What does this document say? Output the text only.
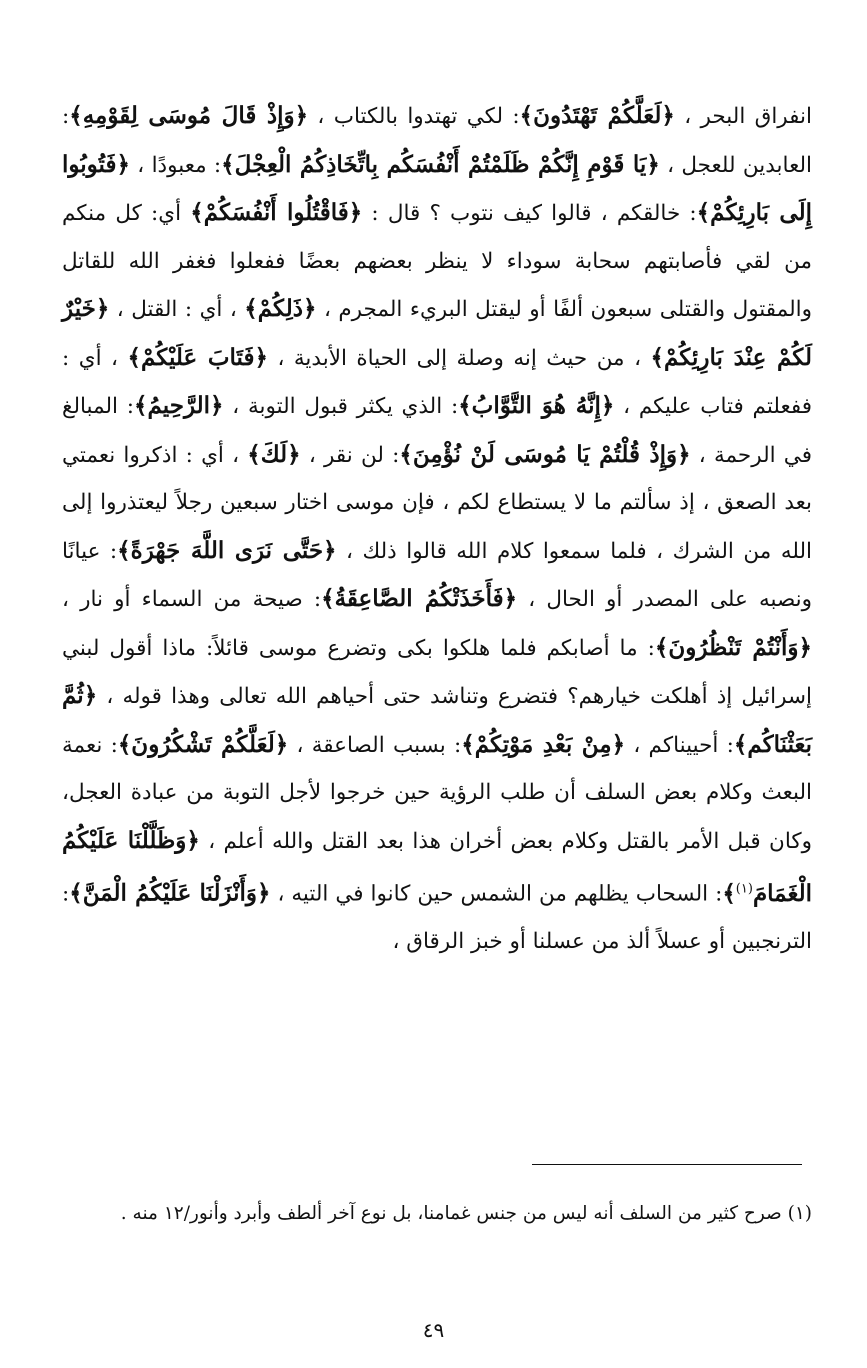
انفراق البحر ، ﴿لَعَلَّكُمْ تَهْتَدُونَ﴾: لكي تهتدوا بالكتاب ، ﴿وَإِذْ قَالَ مُوسَى لِقَوْمِهِ﴾: العابدين للعجل ، ﴿يَا قَوْمِ إِنَّكُمْ ظَلَمْتُمْ أَنْفُسَكُم بِاتِّخَاذِكُمُ الْعِجْلَ﴾: معبودًا ، ﴿فَتُوبُوا إِلَى بَارِئِكُمْ﴾: خالقكم ، قالوا كيف نتوب ؟ قال : ﴿فَاقْتُلُوا أَنْفُسَكُمْ﴾ أي: كل منكم من لقي فأصابتهم سحابة سوداء لا ينظر بعضهم بعضًا ففعلوا فغفر الله للقاتل والمقتول والقتلى سبعون ألفًا أو ليقتل البريء المجرم ، ﴿ذَلِكُمْ﴾ ، أي : القتل ، ﴿خَيْرٌ لَكُمْ عِنْدَ بَارِئِكُمْ﴾ ، من حيث إنه وصلة إلى الحياة الأبدية ، ﴿فَتَابَ عَلَيْكُمْ﴾ ، أي : ففعلتم فتاب عليكم ، ﴿إِنَّهُ هُوَ التَّوَّابُ﴾: الذي يكثر قبول التوبة ، ﴿الرَّحِيمُ﴾: المبالغ في الرحمة ، ﴿وَإِذْ قُلْتُمْ يَا مُوسَى لَنْ نُؤْمِنَ﴾: لن نقر ، ﴿لَكَ﴾ ، أي : اذكروا نعمتي بعد الصعق ، إذ سألتم ما لا يستطاع لكم ، فإن موسى اختار سبعين رجلاً ليعتذروا إلى الله من الشرك ، فلما سمعوا كلام الله قالوا ذلك ، ﴿حَتَّى نَرَى اللَّهَ جَهْرَةً﴾: عيانًا ونصبه على المصدر أو الحال ، ﴿فَأَخَذَتْكُمُ الصَّاعِقَةُ﴾: صيحة من السماء أو نار ، ﴿وَأَنْتُمْ تَنْظُرُونَ﴾: ما أصابكم فلما هلكوا بكى وتضرع موسى قائلاً: ماذا أقول لبني إسرائيل إذ أهلكت خيارهم؟ فتضرع وتناشد حتى أحياهم الله تعالى وهذا قوله ، ﴿ثُمَّ بَعَثْنَاكُم﴾: أحييناكم ، ﴿مِنْ بَعْدِ مَوْتِكُمْ﴾: بسبب الصاعقة ، ﴿لَعَلَّكُمْ تَشْكُرُونَ﴾: نعمة البعث وكلام بعض السلف أن طلب الرؤية حين خرجوا لأجل التوبة من عبادة العجل، وكان قبل الأمر بالقتل وكلام بعض أخران هذا بعد القتل والله أعلم ، ﴿وَظَلَّلْنَا عَلَيْكُمُ الْغَمَامَ$^{(١)}$﴾: السحاب يظلهم من الشمس حين كانوا في التيه ، ﴿وَأَنْزَلْنَا عَلَيْكُمُ الْمَنَّ﴾: الترنجبين أو عسلاً ألذ من عسلنا أو خبز الرقاق ،
(١) صرح كثير من السلف أنه ليس من جنس غمامنا، بل نوع آخر ألطف وأبرد وأنور/١٢ منه .
٤٩
